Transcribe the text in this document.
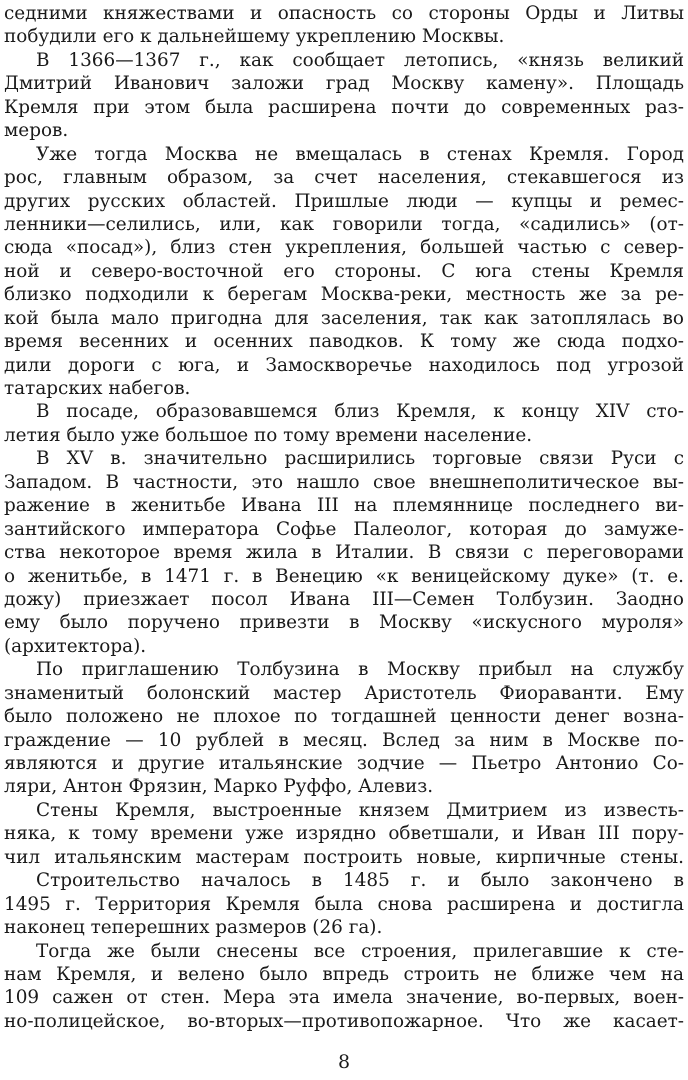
седними княжествами и опасность со стороны Орды и Литвы
побудили его к дальнейшему укреплению Москвы.
В 1366—1367 г., как сообщает летопись, «князь великий
Дмитрий Иванович заложи град Москву камену». Площадь
Кремля при этом была расширена почти до современных раз-
меров.
Уже тогда Москва не вмещалась в стенах Кремля. Город
рос, главным образом, за счет населения, стекавшегося из
других русских областей. Пришлые люди — купцы и ремес-
ленники—селились, или, как говорили тогда, «садились» (от-
сюда «посад»), близ стен укрепления, большей частью с север-
ной и северо-восточной его стороны. С юга стены Кремля
близко подходили к берегам Москва-реки, местность же за ре-
кой была мало пригодна для заселения, так как затоплялась во
время весенних и осенних паводков. К тому же сюда подхо-
дили дороги с юга, и Замоскворечье находилось под угрозой
татарских набегов.
В посаде, образовавшемся близ Кремля, к концу XIV сто-
летия было уже большое по тому времени население.
В XV в. значительно расширились торговые связи Руси с
Западом. В частности, это нашло свое внешнеполитическое вы-
ражение в женитьбе Ивана III на племяннице последнего ви-
зантийского императора Софье Палеолог, которая до замуже-
ства некоторое время жила в Италии. В связи с переговорами
о женитьбе, в 1471 г. в Венецию «к веницейскому дуке» (т. е.
дожу) приезжает посол Ивана III—Семен Толбузин. Заодно
ему было поручено привезти в Москву «искусного муроля»
(архитектора).
По приглашению Толбузина в Москву прибыл на службу
знаменитый болонский мастер Аристотель Фиораванти. Ему
было положено не плохое по тогдашней ценности денег возна-
граждение — 10 рублей в месяц. Вслед за ним в Москве по-
являются и другие итальянские зодчие — Пьетро Антонио Со-
ляри, Антон Фрязин, Марко Руффо, Алевиз.
Стены Кремля, выстроенные князем Дмитрием из известь-
няка, к тому времени уже изрядно обветшали, и Иван III пору-
чил итальянским мастерам построить новые, кирпичные стены.
Строительство началось в 1485 г. и было закончено в
1495 г. Территория Кремля была снова расширена и достигла
наконец теперешних размеров (26 га).
Тогда же были снесены все строения, прилегавшие к сте-
нам Кремля, и велено было впредь строить не ближе чем на
109 сажен от стен. Мера эта имела значение, во-первых, воен-
но-полицейское, во-вторых—противопожарное. Что же касает-
8
